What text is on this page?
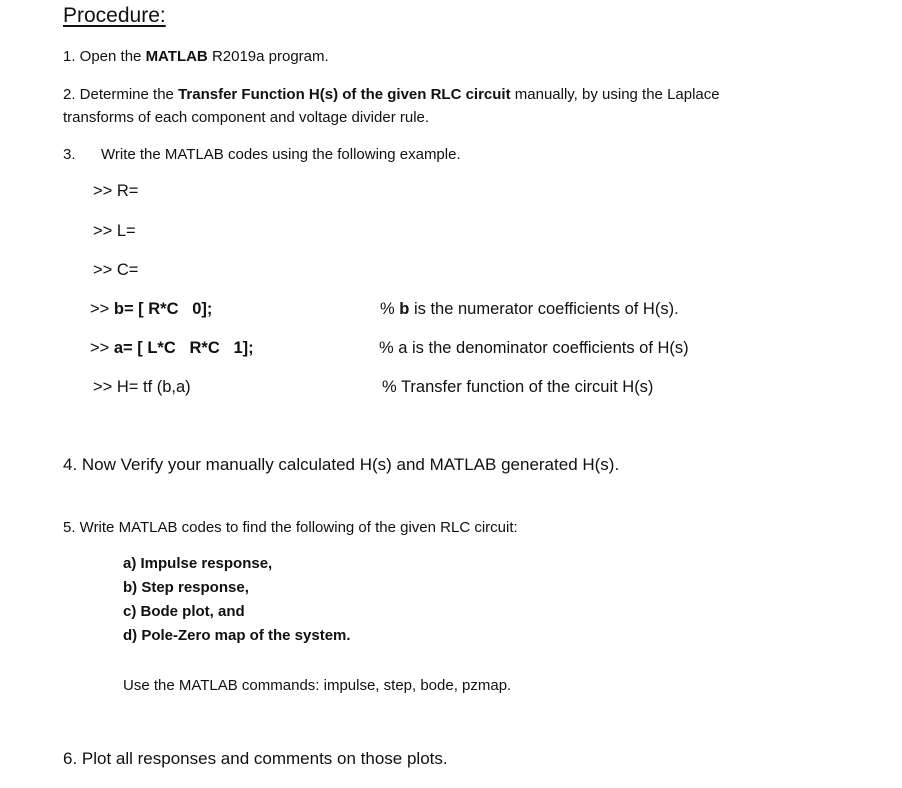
Procedure:
1. Open the MATLAB R2019a program.
2. Determine the Transfer Function H(s) of the given RLC circuit manually, by using the Laplace
transforms of each component and voltage divider rule.
3. Write the MATLAB codes using the following example.
>> R=
>> L=
>> C=
>> b= [ R*C   0];	% b is the numerator coefficients of H(s).
>> a= [ L*C   R*C   1];	% a is the denominator coefficients of H(s)
>> H= tf (b,a)	% Transfer function of the circuit H(s)
4. Now Verify your manually calculated H(s) and MATLAB generated H(s).
5. Write MATLAB codes to find the following of the given RLC circuit:
a) Impulse response,
b) Step response,
c) Bode plot, and
d) Pole-Zero map of the system.
Use the MATLAB commands: impulse, step, bode, pzmap.
6. Plot all responses and comments on those plots.
